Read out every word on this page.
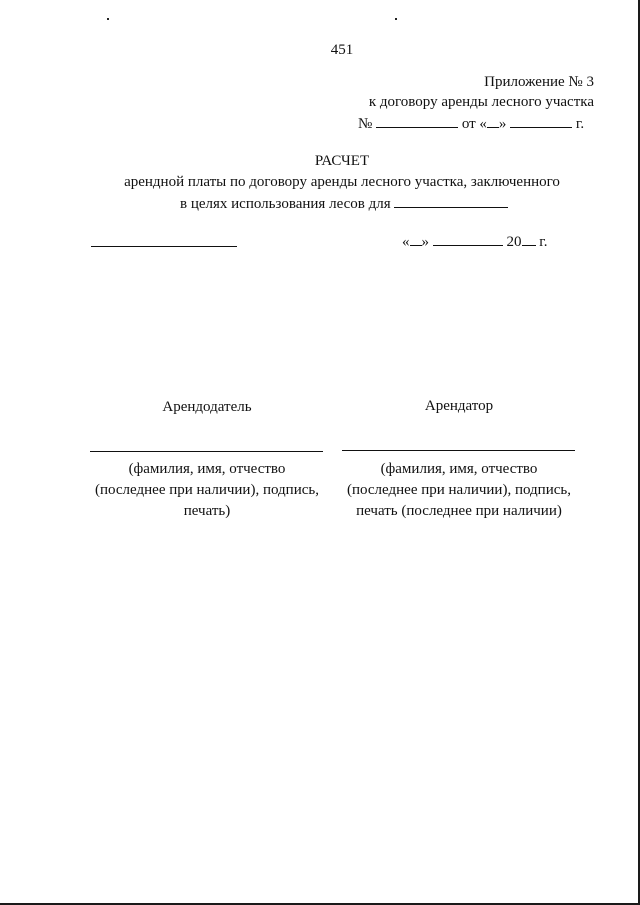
451
Приложение № 3
к договору аренды лесного участка
№	от « »	г.
РАСЧЕТ
арендной платы по договору аренды лесного участка, заключенного
в целях использования лесов для
« »	20 г.
Арендодатель	Арендатор
(фамилия, имя, отчество
(последнее при наличии), подпись,
печать)
(фамилия, имя, отчество
(последнее при наличии), подпись,
печать (последнее при наличии)
